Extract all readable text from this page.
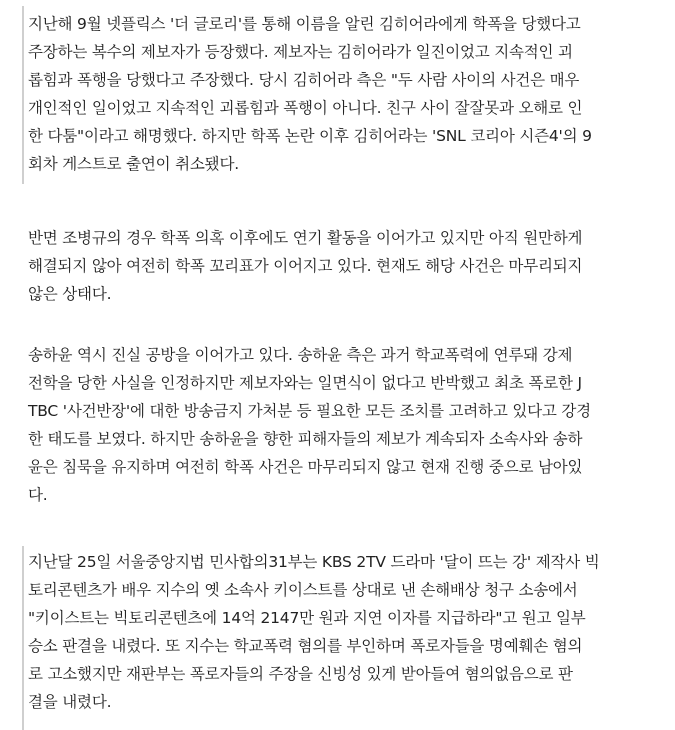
지난해 9월 넷플릭스 '더 글로리'를 통해 이름을 알린 김히어라에게 학폭을 당했다고
주장하는 복수의 제보자가 등장했다. 제보자는 김히어라가 일진이었고 지속적인 괴
롭힘과 폭행을 당했다고 주장했다. 당시 김히어라 측은 "두 사람 사이의 사건은 매우
개인적인 일이었고 지속적인 괴롭힘과 폭행이 아니다. 친구 사이 잘잘못과 오해로 인
한 다툼"이라고 해명했다. 하지만 학폭 논란 이후 김히어라는 'SNL 코리아 시즌4'의 9
회차 게스트로 출연이 취소됐다.
반면 조병규의 경우 학폭 의혹 이후에도 연기 활동을 이어가고 있지만 아직 원만하게
해결되지 않아 여전히 학폭 꼬리표가 이어지고 있다. 현재도 해당 사건은 마무리되지
않은 상태다.
송하윤 역시 진실 공방을 이어가고 있다. 송하윤 측은 과거 학교폭력에 연루돼 강제
전학을 당한 사실을 인정하지만 제보자와는 일면식이 없다고 반박했고 최초 폭로한 J
TBC '사건반장'에 대한 방송금지 가처분 등 필요한 모든 조치를 고려하고 있다고 강경
한 태도를 보였다. 하지만 송하윤을 향한 피해자들의 제보가 계속되자 소속사와 송하
윤은 침묵을 유지하며 여전히 학폭 사건은 마무리되지 않고 현재 진행 중으로 남아있
다.
지난달 25일 서울중앙지법 민사합의31부는 KBS 2TV 드라마 '달이 뜨는 강' 제작사 빅
토리콘텐츠가 배우 지수의 옛 소속사 키이스트를 상대로 낸 손해배상 청구 소송에서
"키이스트는 빅토리콘텐츠에 14억 2147만 원과 지연 이자를 지급하라"고 원고 일부
승소 판결을 내렸다. 또 지수는 학교폭력 혐의를 부인하며 폭로자들을 명예훼손 혐의
로 고소했지만 재판부는 폭로자들의 주장을 신빙성 있게 받아들여 혐의없음으로 판
결을 내렸다.
